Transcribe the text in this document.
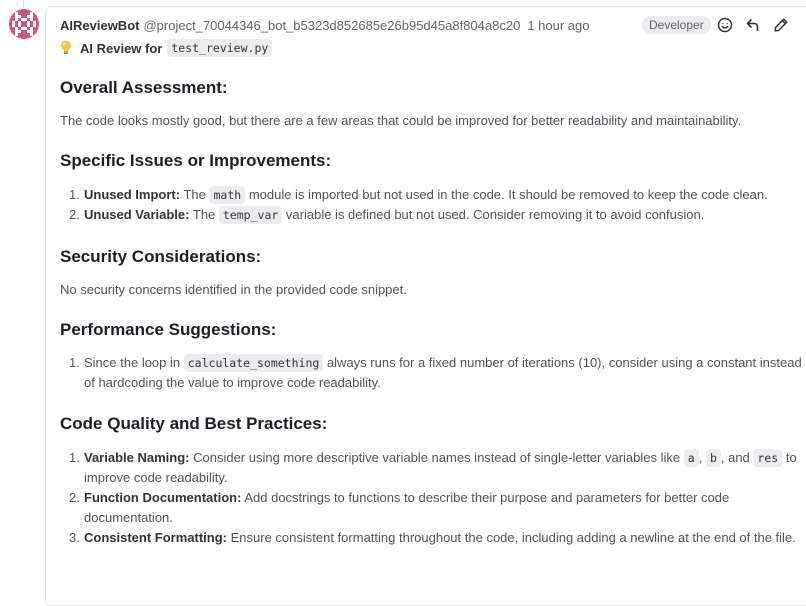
AIReviewBot @project_70044346_bot_b5323d852685e26b95d45a8f804a8c20 1 hour ago	Developer
AI Review for test_review.py
Overall Assessment:

The code looks mostly good, but there are a few areas that could be improved for better readability and maintainability.

Specific Issues or Improvements:
1. Unused Import: The math module is imported but not used in the code. It should be removed to keep the code clean.
2. Unused Variable: The temp_var variable is defined but not used. Consider removing it to avoid confusion.
Security Considerations:

No security concerns identified in the provided code snippet.

Performance Suggestions:
1. Since the loop in calculate_something always runs for a fixed number of iterations (10), consider using a constant instead
of hardcoding the value to improve code readability.
Code Quality and Best Practices:
1. Variable Naming: Consider using more descriptive variable names instead of single-letter variables like a , b , and res to
improve code readability.
2. Function Documentation: Add docstrings to functions to describe their purpose and parameters for better code
documentation.
3. Consistent Formatting: Ensure consistent formatting throughout the code, including adding a newline at the end of the file.
